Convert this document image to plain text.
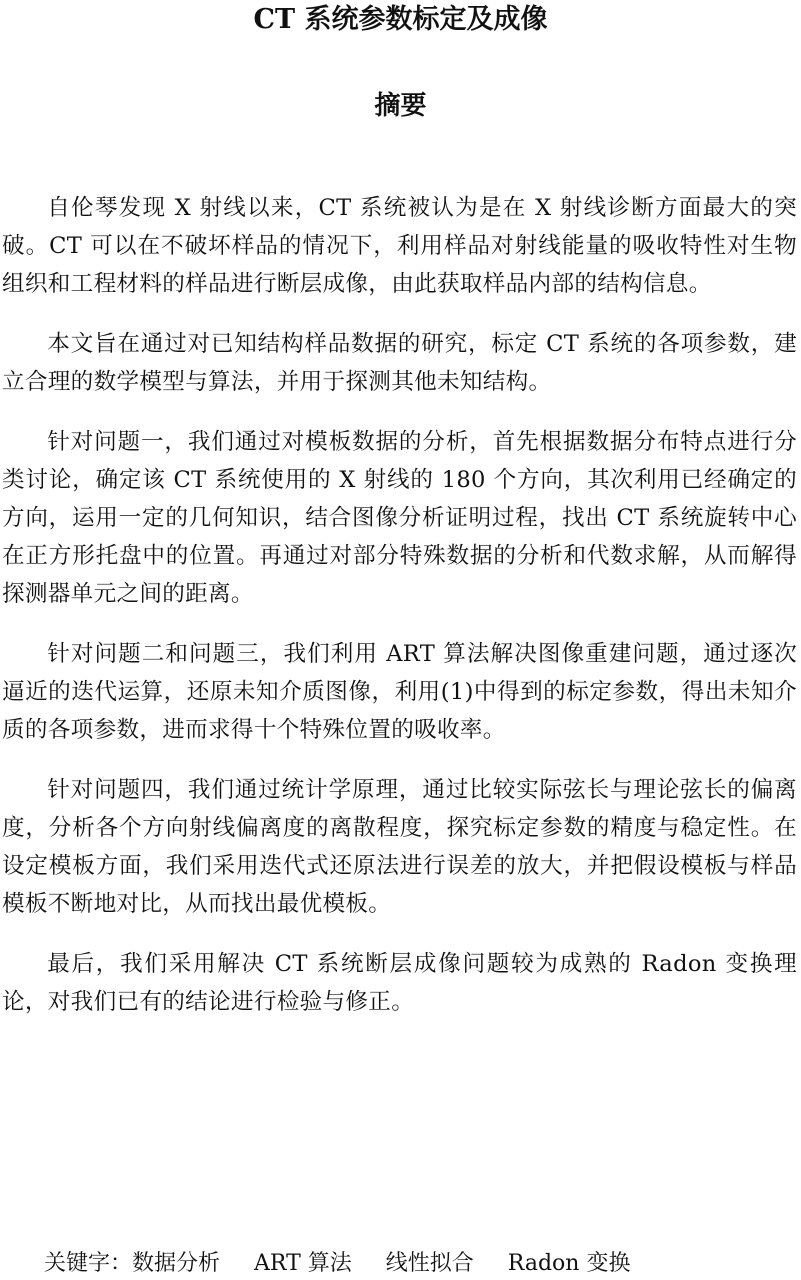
CT 系统参数标定及成像
摘要

自伦琴发现 X 射线以来，CT 系统被认为是在 X 射线诊断方面最大的突破。CT 可以在不破坏样品的情况下，利用样品对射线能量的吸收特性对生物组织和工程材料的样品进行断层成像，由此获取样品内部的结构信息。

本文旨在通过对已知结构样品数据的研究，标定 CT 系统的各项参数，建立合理的数学模型与算法，并用于探测其他未知结构。

针对问题一，我们通过对模板数据的分析，首先根据数据分布特点进行分类讨论，确定该 CT 系统使用的 X 射线的 180 个方向，其次利用已经确定的方向，运用一定的几何知识，结合图像分析证明过程，找出 CT 系统旋转中心在正方形托盘中的位置。再通过对部分特殊数据的分析和代数求解，从而解得探测器单元之间的距离。

针对问题二和问题三，我们利用 ART 算法解决图像重建问题，通过逐次逼近的迭代运算，还原未知介质图像，利用(1)中得到的标定参数，得出未知介质的各项参数，进而求得十个特殊位置的吸收率。

针对问题四，我们通过统计学原理，通过比较实际弦长与理论弦长的偏离度，分析各个方向射线偏离度的离散程度，探究标定参数的精度与稳定性。在设定模板方面，我们采用迭代式还原法进行误差的放大，并把假设模板与样品模板不断地对比，从而找出最优模板。

最后，我们采用解决 CT 系统断层成像问题较为成熟的 Radon 变换理论，对我们已有的结论进行检验与修正。

关键字：数据分析 ART 算法 线性拟合 Radon 变换
